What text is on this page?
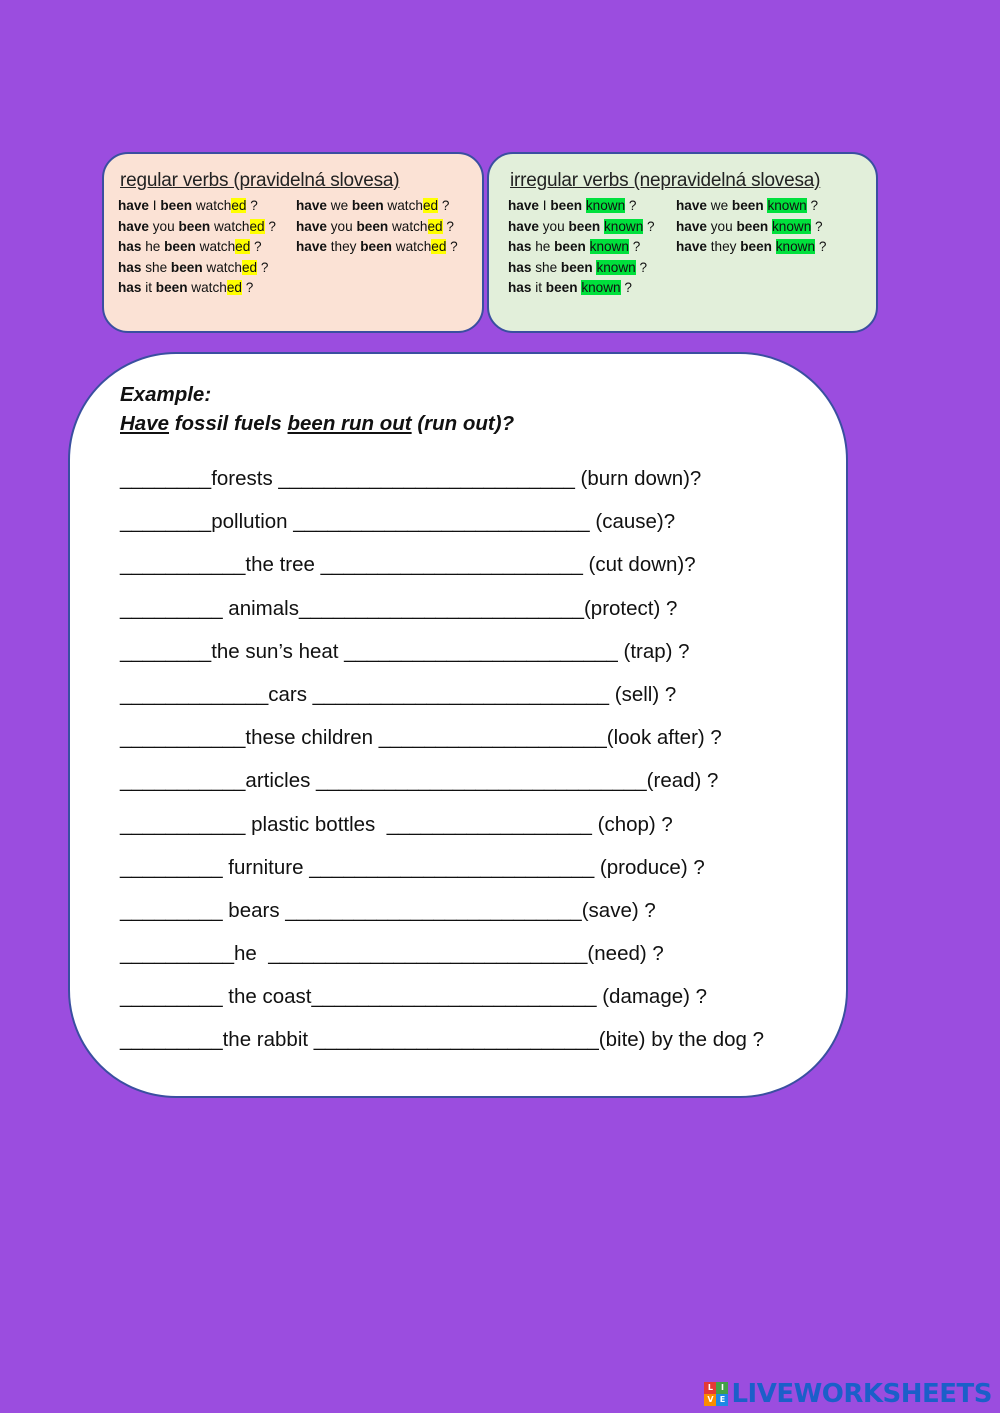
regular verbs (pravidelná slovesa)
have I been watched ?	have we been watched ?
have you been watched ?	have you been watched ?
has he been watched ?	have they been watched ?
has she been watched ?
has it been watched ?
irregular verbs (nepravidelná slovesa)
have I been known ?	have we been known ?
have you been known ?	have you been known ?
has he been known ?	have they been known ?
has she been known ?
has it been known ?
Example:
Have fossil fuels been run out (run out)?
________forests __________________________ (burn down)?
________pollution __________________________ (cause)?
___________the tree _______________________ (cut down)?
_________ animals_________________________(protect) ?
________the sun’s heat ________________________ (trap) ?
_____________cars __________________________ (sell) ?
___________these children ____________________(look after) ?
___________articles _____________________________(read) ?
___________ plastic bottles  __________________ (chop) ?
_________ furniture _________________________ (produce) ?
_________ bears __________________________(save) ?
__________he  ____________________________(need) ?
_________ the coast_________________________ (damage) ?
_________the rabbit _________________________(bite) by the dog ?
L I
V E LIVEWORKSHEETS
